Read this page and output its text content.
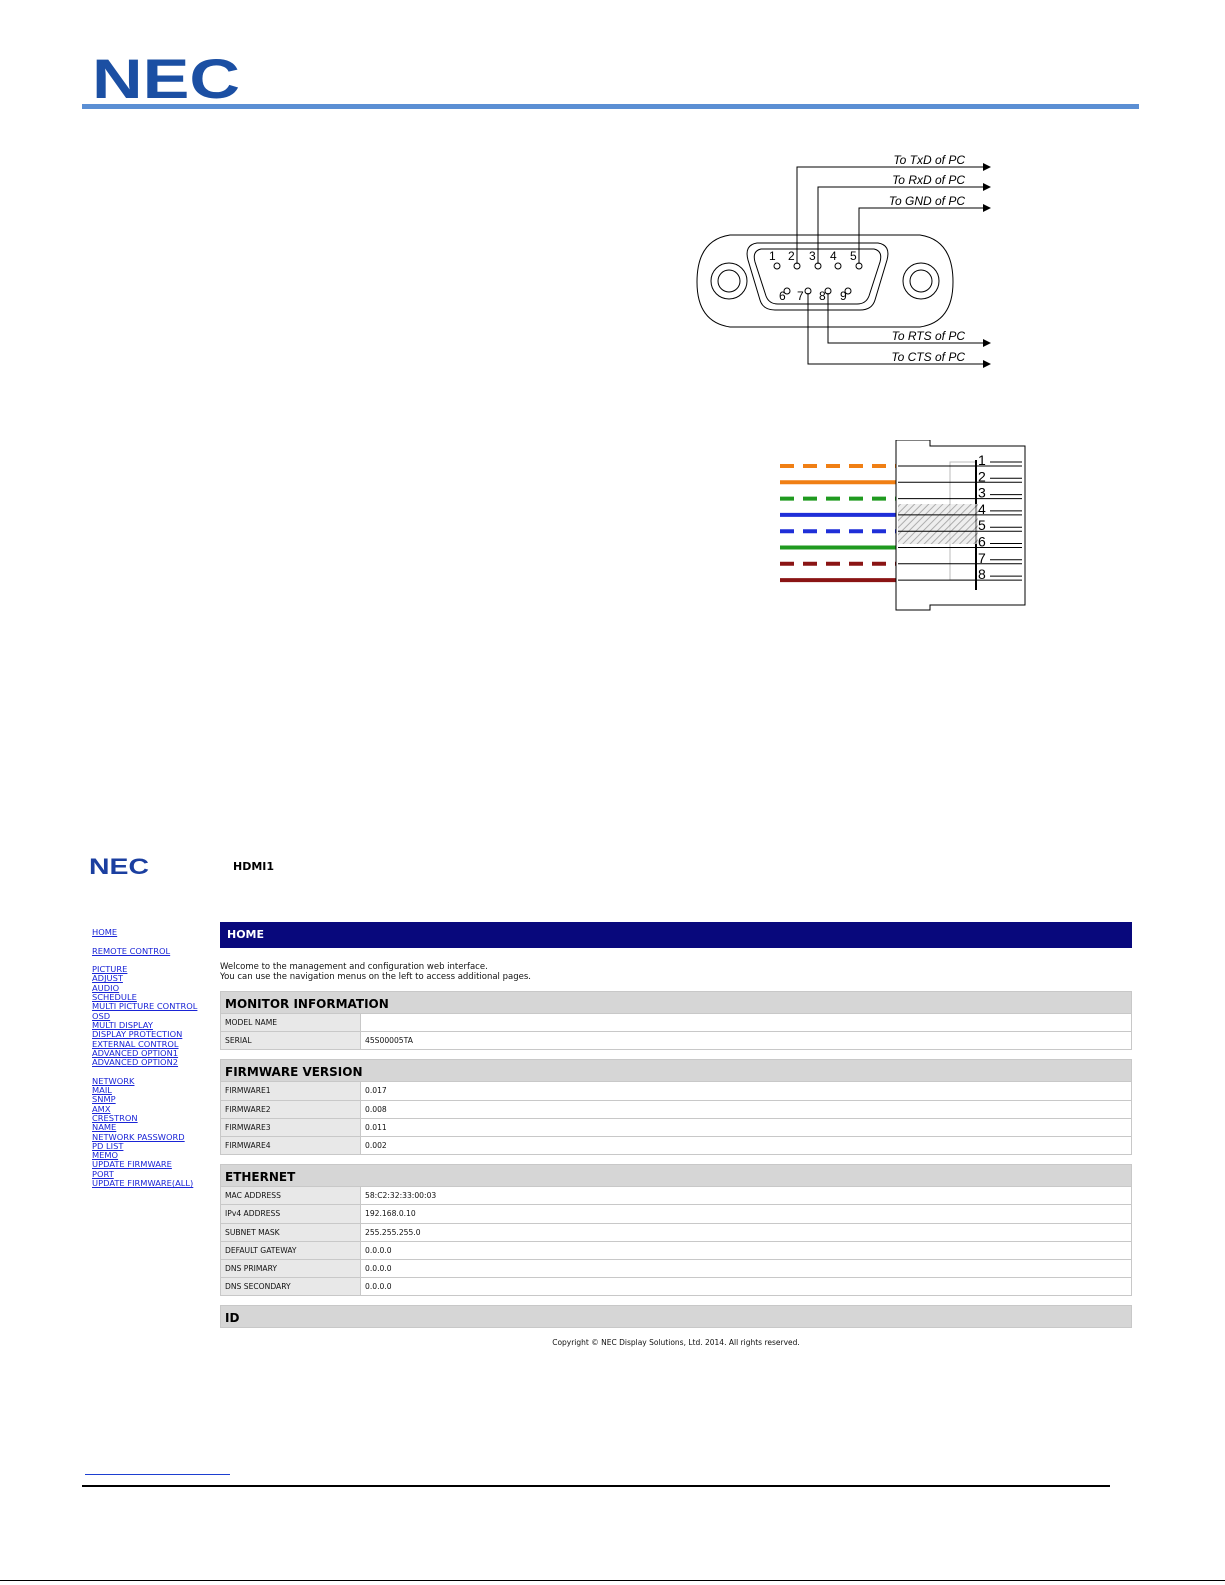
NEC
To TxD of PC
To RxD of PC
To GND of PC
To RTS of PC
To CTS of PC
1 2 3 4 5
6 7 8 9
1
2
3
4
5
6
7
8
NEC	HDMI1
HOME
REMOTE CONTROL
PICTURE
ADJUST
AUDIO
SCHEDULE
MULTI PICTURE CONTROL
OSD
MULTI DISPLAY
DISPLAY PROTECTION
EXTERNAL CONTROL
ADVANCED OPTION1
ADVANCED OPTION2
NETWORK
MAIL
SNMP
AMX
CRESTRON
NAME
NETWORK PASSWORD
PD LIST
MEMO
UPDATE FIRMWARE
PORT
UPDATE FIRMWARE(ALL)
HOME
Welcome to the management and configuration web interface.
You can use the navigation menus on the left to access additional pages.
MONITOR INFORMATION
MODEL NAME
SERIAL	45S00005TA
FIRMWARE VERSION
FIRMWARE1	0.017
FIRMWARE2	0.008
FIRMWARE3	0.011
FIRMWARE4	0.002
ETHERNET
MAC ADDRESS	58:C2:32:33:00:03
IPv4 ADDRESS	192.168.0.10
SUBNET MASK	255.255.255.0
DEFAULT GATEWAY	0.0.0.0
DNS PRIMARY	0.0.0.0
DNS SECONDARY	0.0.0.0
ID
Copyright © NEC Display Solutions, Ltd. 2014. All rights reserved.
